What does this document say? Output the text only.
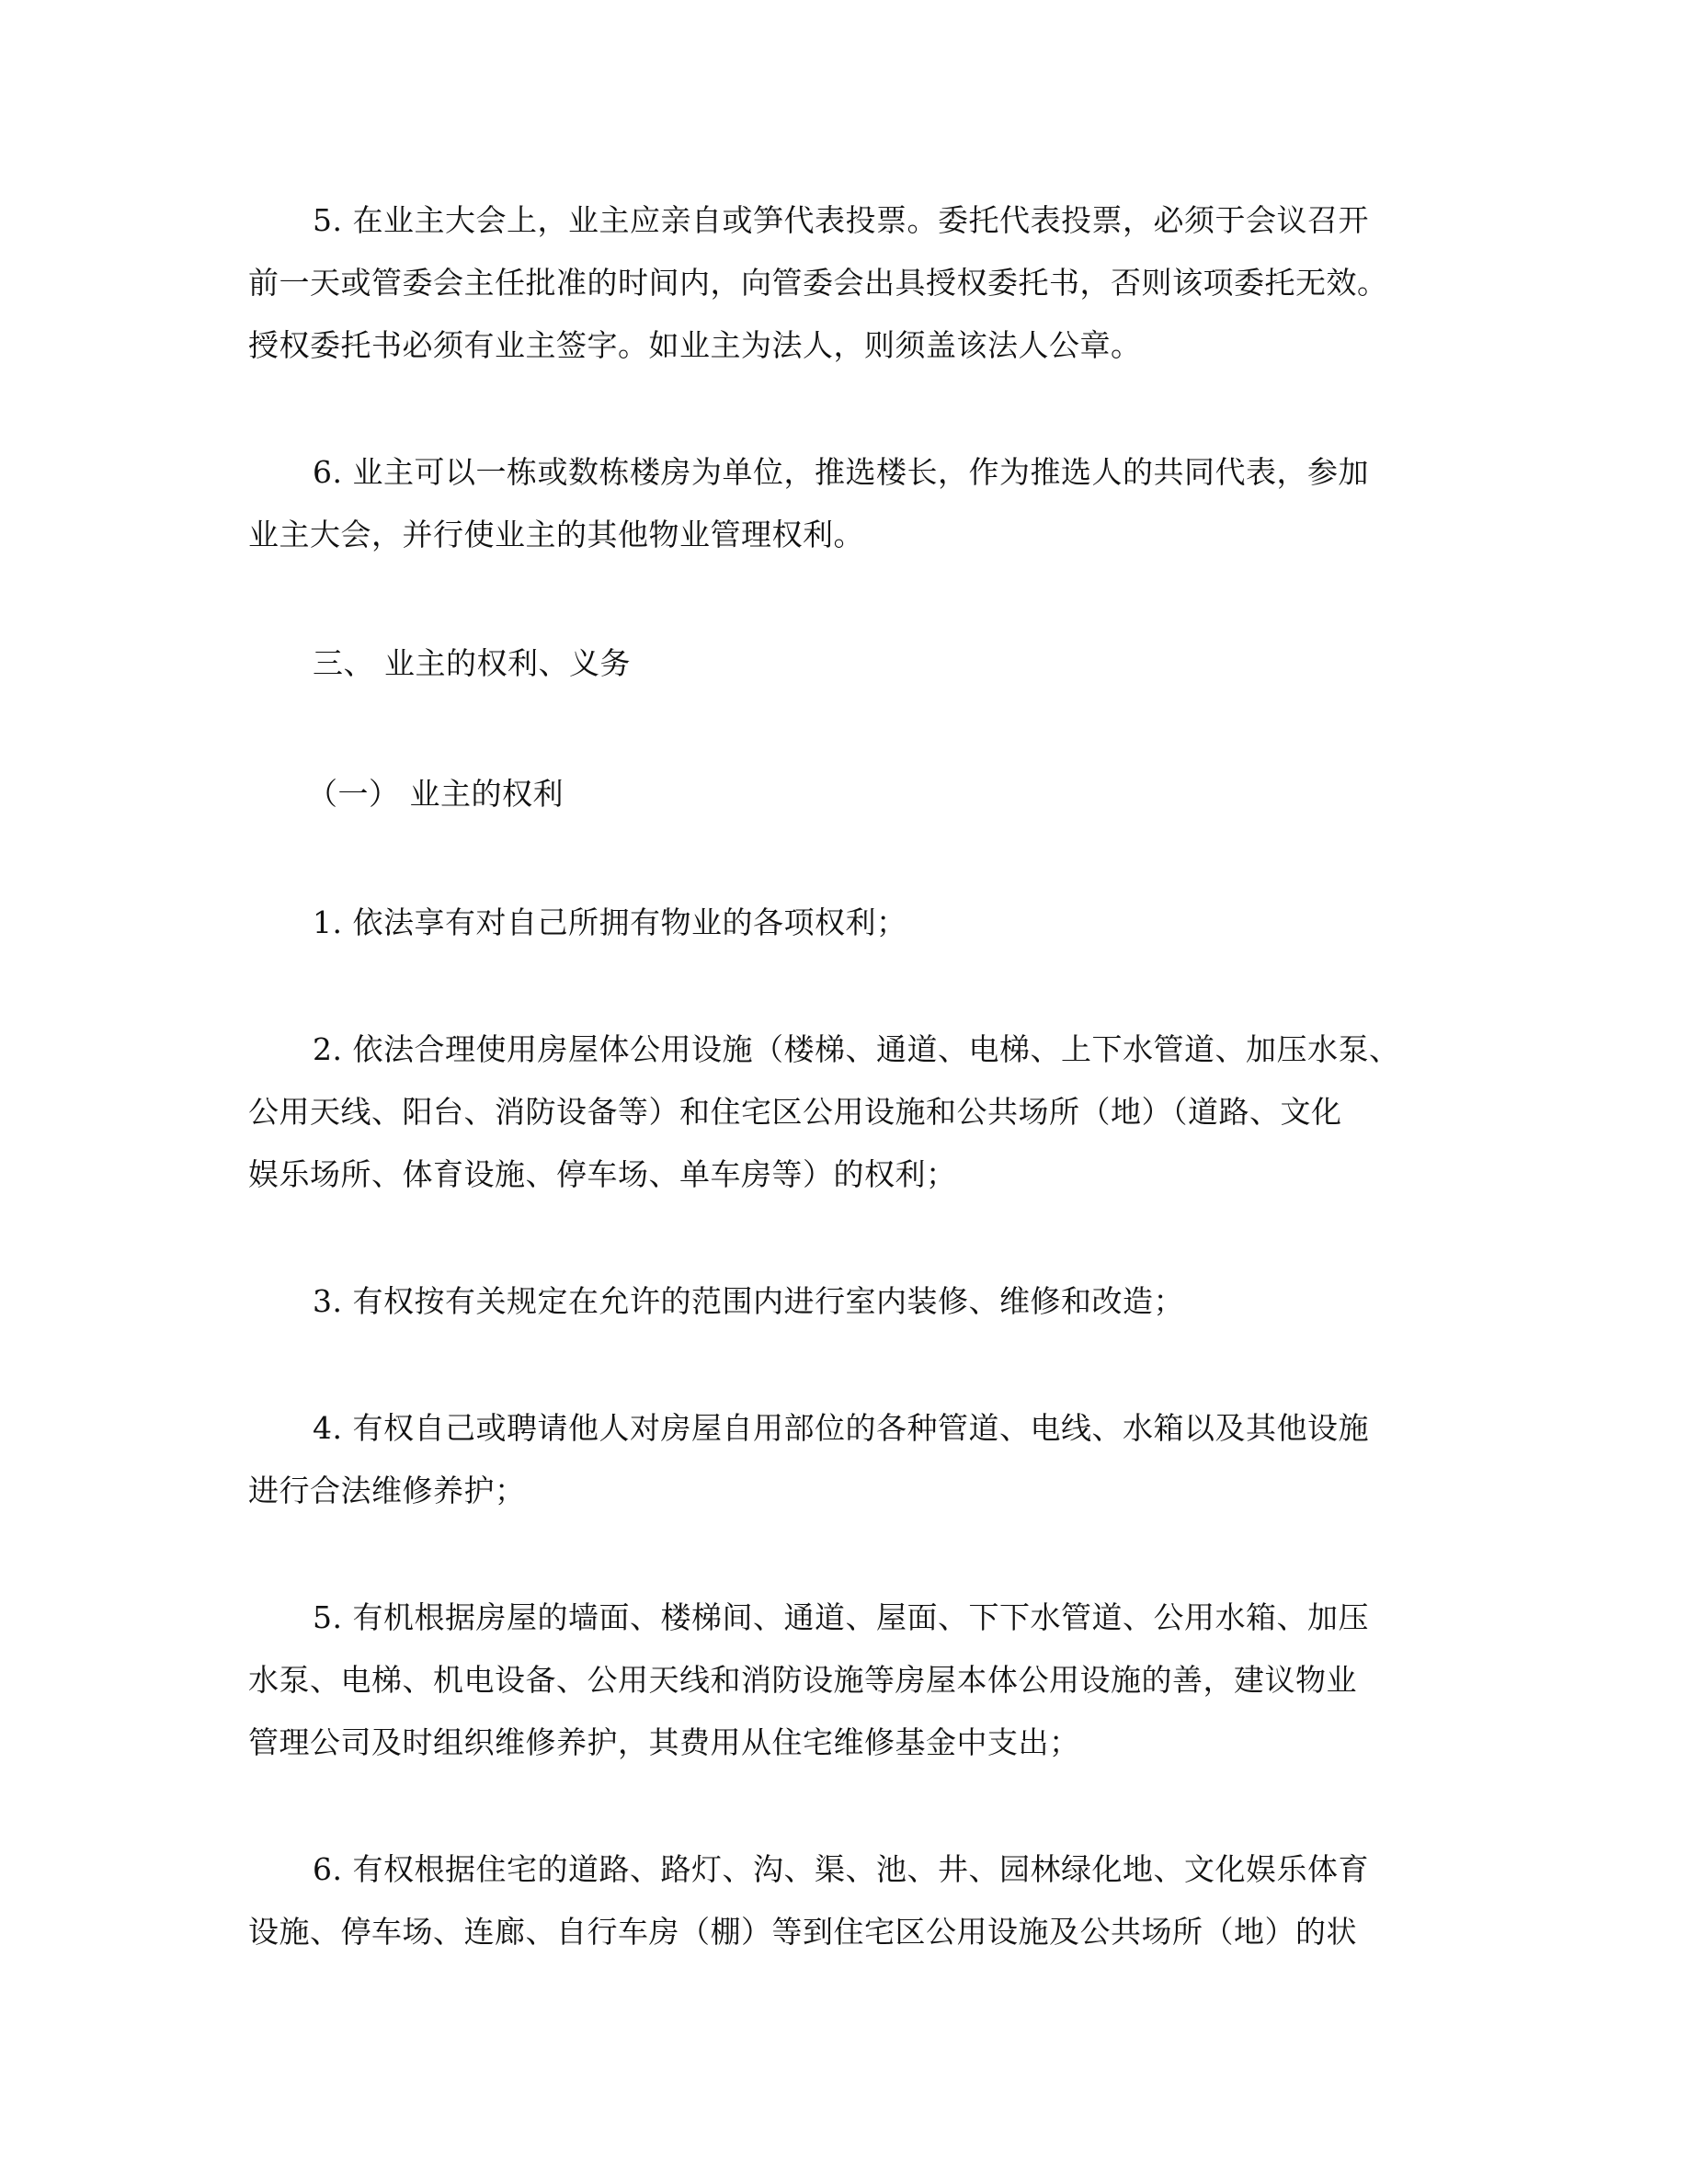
5. 在业主大会上，业主应亲自或笋代表投票。委托代表投票，必须于会议召开
前一天或管委会主任批准的时间内，向管委会出具授权委托书，否则该项委托无效。
授权委托书必须有业主签字。如业主为法人，则须盖该法人公章。
6. 业主可以一栋或数栋楼房为单位，推选楼长，作为推选人的共同代表，参加
业主大会，并行使业主的其他物业管理权利。
三、 业主的权利、义务
（一） 业主的权利
1. 依法享有对自己所拥有物业的各项权利；
2. 依法合理使用房屋体公用设施（楼梯、通道、电梯、上下水管道、加压水泵、
公用天线、阳台、消防设备等）和住宅区公用设施和公共场所（地）（道路、文化
娱乐场所、体育设施、停车场、单车房等）的权利；
3. 有权按有关规定在允许的范围内进行室内装修、维修和改造；
4. 有权自己或聘请他人对房屋自用部位的各种管道、电线、水箱以及其他设施
进行合法维修养护；
5. 有机根据房屋的墙面、楼梯间、通道、屋面、下下水管道、公用水箱、加压
水泵、电梯、机电设备、公用天线和消防设施等房屋本体公用设施的善，建议物业
管理公司及时组织维修养护，其费用从住宅维修基金中支出；
6. 有权根据住宅的道路、路灯、沟、渠、池、井、园林绿化地、文化娱乐体育
设施、停车场、连廊、自行车房（棚）等到住宅区公用设施及公共场所（地）的状
